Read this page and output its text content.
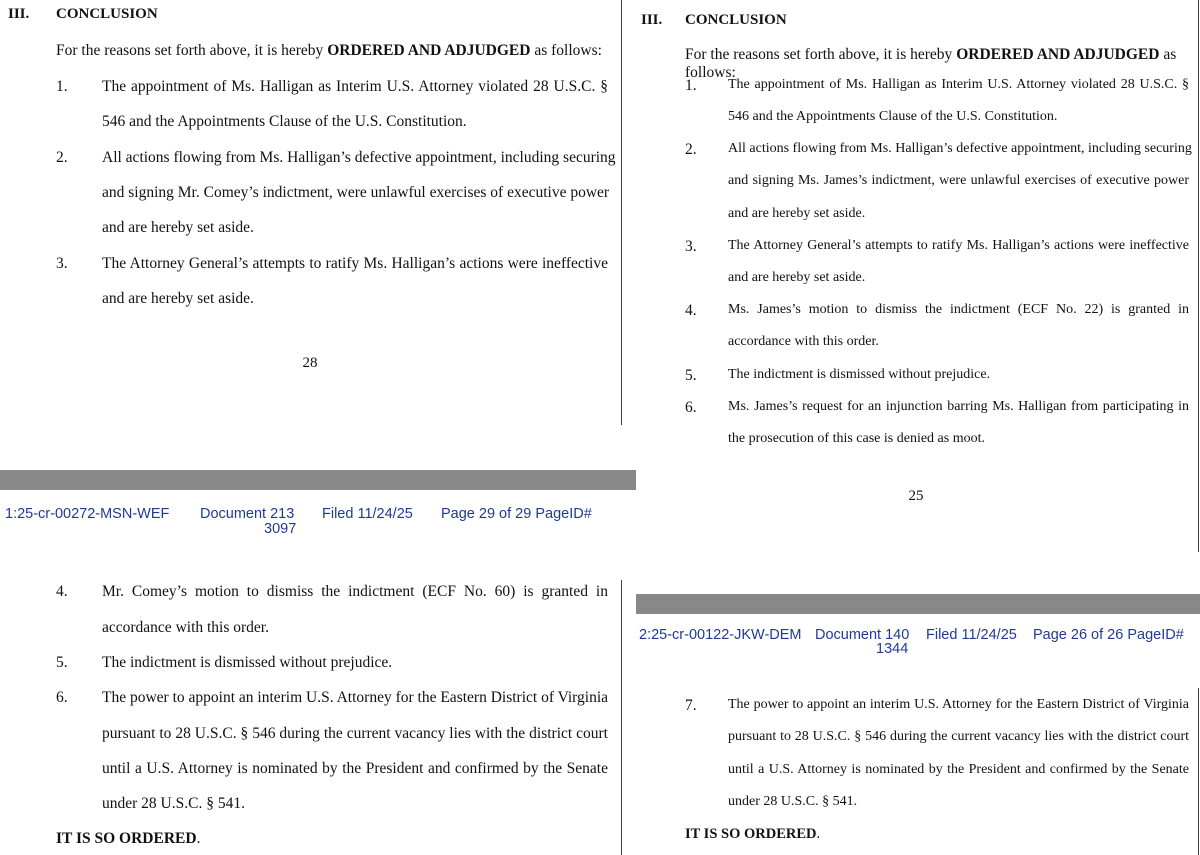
III. CONCLUSION
For the reasons set forth above, it is hereby ORDERED AND ADJUDGED as follows:
1. The appointment of Ms. Halligan as Interim U.S. Attorney violated 28 U.S.C. §
546 and the Appointments Clause of the U.S. Constitution.
2. All actions flowing from Ms. Halligan’s defective appointment, including securing
and signing Mr. Comey’s indictment, were unlawful exercises of executive power
and are hereby set aside.
3. The Attorney General’s attempts to ratify Ms. Halligan’s actions were ineffective
and are hereby set aside.
28
1:25-cr-00272-MSN-WEF Document 213 Filed 11/24/25 Page 29 of 29 PageID#
3097
4. Mr. Comey’s motion to dismiss the indictment (ECF No. 60) is granted in
accordance with this order.
5. The indictment is dismissed without prejudice.
6. The power to appoint an interim U.S. Attorney for the Eastern District of Virginia
pursuant to 28 U.S.C. § 546 during the current vacancy lies with the district court
until a U.S. Attorney is nominated by the President and confirmed by the Senate
under 28 U.S.C. § 541.
IT IS SO ORDERED.
III. CONCLUSION
For the reasons set forth above, it is hereby ORDERED AND ADJUDGED as follows:
1. The appointment of Ms. Halligan as Interim U.S. Attorney violated 28 U.S.C. §
546 and the Appointments Clause of the U.S. Constitution.
2. All actions flowing from Ms. Halligan’s defective appointment, including securing
and signing Ms. James’s indictment, were unlawful exercises of executive power
and are hereby set aside.
3. The Attorney General’s attempts to ratify Ms. Halligan’s actions were ineffective
and are hereby set aside.
4. Ms. James’s motion to dismiss the indictment (ECF No. 22) is granted in
accordance with this order.
5. The indictment is dismissed without prejudice.
6. Ms. James’s request for an injunction barring Ms. Halligan from participating in
the prosecution of this case is denied as moot.
25
2:25-cr-00122-JKW-DEM Document 140 Filed 11/24/25 Page 26 of 26 PageID#
1344
7. The power to appoint an interim U.S. Attorney for the Eastern District of Virginia
pursuant to 28 U.S.C. § 546 during the current vacancy lies with the district court
until a U.S. Attorney is nominated by the President and confirmed by the Senate
under 28 U.S.C. § 541.
IT IS SO ORDERED.
